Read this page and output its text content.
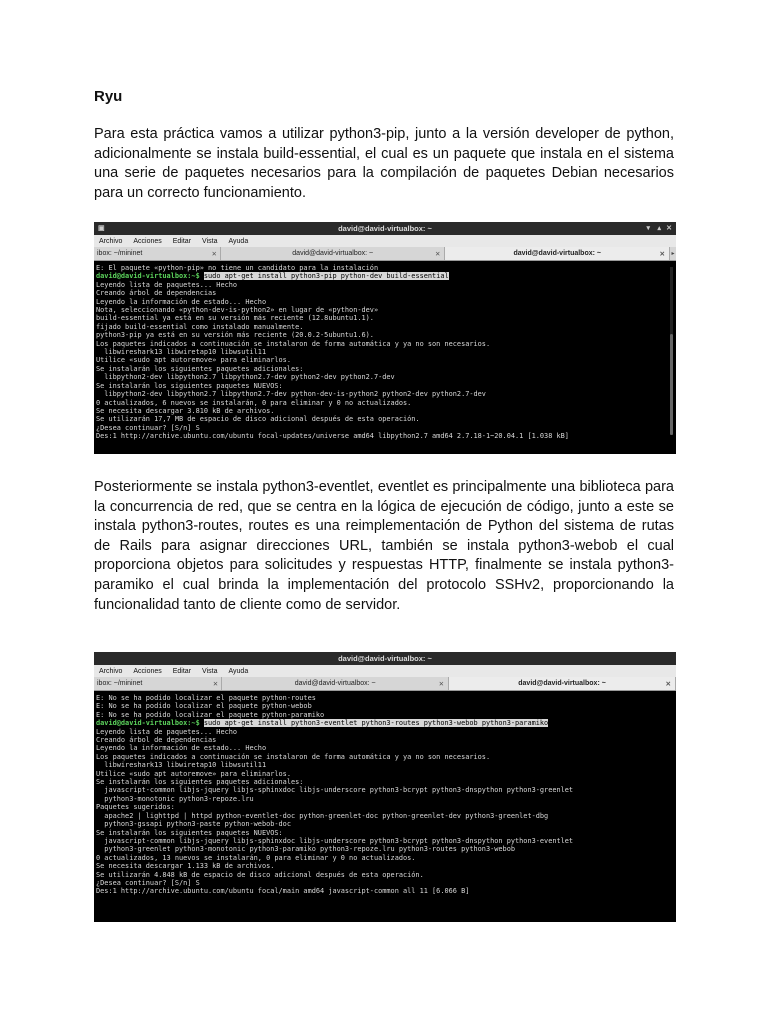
Ryu
Para esta práctica vamos a utilizar python3-pip, junto a la versión developer de python, adicionalmente se instala build-essential, el cual es un paquete que instala en el sistema una serie de paquetes necesarios para la compilación de paquetes Debian necesarios para un correcto funcionamiento.
▣	david@david-virtualbox: ~	▾ ▴ ✕
Archivo Acciones Editar Vista Ayuda
ibox: ~/mininet	✕	david@david-virtualbox: ~	✕	david@david-virtualbox: ~	✕ ▸
E: El paquete «python-pip» no tiene un candidato para la instalación
david@david-virtualbox:~$ sudo apt-get install python3-pip python-dev build-essential
Leyendo lista de paquetes... Hecho
Creando árbol de dependencias
Leyendo la información de estado... Hecho
Nota, seleccionando «python-dev-is-python2» en lugar de «python-dev»
build-essential ya está en su versión más reciente (12.8ubuntu1.1).
fijado build-essential como instalado manualmente.
python3-pip ya está en su versión más reciente (20.0.2-5ubuntu1.6).
Los paquetes indicados a continuación se instalaron de forma automática y ya no son necesarios.
libwireshark13 libwiretap10 libwsutil11
Utilice «sudo apt autoremove» para eliminarlos.
Se instalarán los siguientes paquetes adicionales:
libpython2-dev libpython2.7 libpython2.7-dev python2-dev python2.7-dev
Se instalarán los siguientes paquetes NUEVOS:
libpython2-dev libpython2.7 libpython2.7-dev python-dev-is-python2 python2-dev python2.7-dev
0 actualizados, 6 nuevos se instalarán, 0 para eliminar y 0 no actualizados.
Se necesita descargar 3.810 kB de archivos.
Se utilizarán 17,7 MB de espacio de disco adicional después de esta operación.
¿Desea continuar? [S/n] S
Des:1 http://archive.ubuntu.com/ubuntu focal-updates/universe amd64 libpython2.7 amd64 2.7.18-1~20.04.1 [1.038 kB]
Posteriormente se instala python3-eventlet, eventlet es principalmente una biblioteca para la concurrencia de red, que se centra en la lógica de ejecución de código, junto a este se instala python3-routes, routes es una reimplementación de Python del sistema de rutas de Rails para asignar direcciones URL, también se instala python3-webob el cual proporciona objetos para solicitudes y respuestas HTTP, finalmente se instala python3-paramiko el cual brinda la implementación del protocolo SSHv2, proporcionando la funcionalidad tanto de cliente como de servidor.
david@david-virtualbox: ~
Archivo Acciones Editar Vista Ayuda
ibox: ~/mininet	✕	david@david-virtualbox: ~	✕	david@david-virtualbox: ~	✕
E: No se ha podido localizar el paquete python-routes
E: No se ha podido localizar el paquete python-webob
E: No se ha podido localizar el paquete python-paramiko
david@david-virtualbox:~$ sudo apt-get install python3-eventlet python3-routes python3-webob python3-paramiko
Leyendo lista de paquetes... Hecho
Creando árbol de dependencias
Leyendo la información de estado... Hecho
Los paquetes indicados a continuación se instalaron de forma automática y ya no son necesarios.
libwireshark13 libwiretap10 libwsutil11
Utilice «sudo apt autoremove» para eliminarlos.
Se instalarán los siguientes paquetes adicionales:
javascript-common libjs-jquery libjs-sphinxdoc libjs-underscore python3-bcrypt python3-dnspython python3-greenlet
python3-monotonic python3-repoze.lru
Paquetes sugeridos:
apache2 | lighttpd | httpd python-eventlet-doc python-greenlet-doc python-greenlet-dev python3-greenlet-dbg
python3-gssapi python3-paste python-webob-doc
Se instalarán los siguientes paquetes NUEVOS:
javascript-common libjs-jquery libjs-sphinxdoc libjs-underscore python3-bcrypt python3-dnspython python3-eventlet
python3-greenlet python3-monotonic python3-paramiko python3-repoze.lru python3-routes python3-webob
0 actualizados, 13 nuevos se instalarán, 0 para eliminar y 0 no actualizados.
Se necesita descargar 1.133 kB de archivos.
Se utilizarán 4.848 kB de espacio de disco adicional después de esta operación.
¿Desea continuar? [S/n] S
Des:1 http://archive.ubuntu.com/ubuntu focal/main amd64 javascript-common all 11 [6.066 B]
